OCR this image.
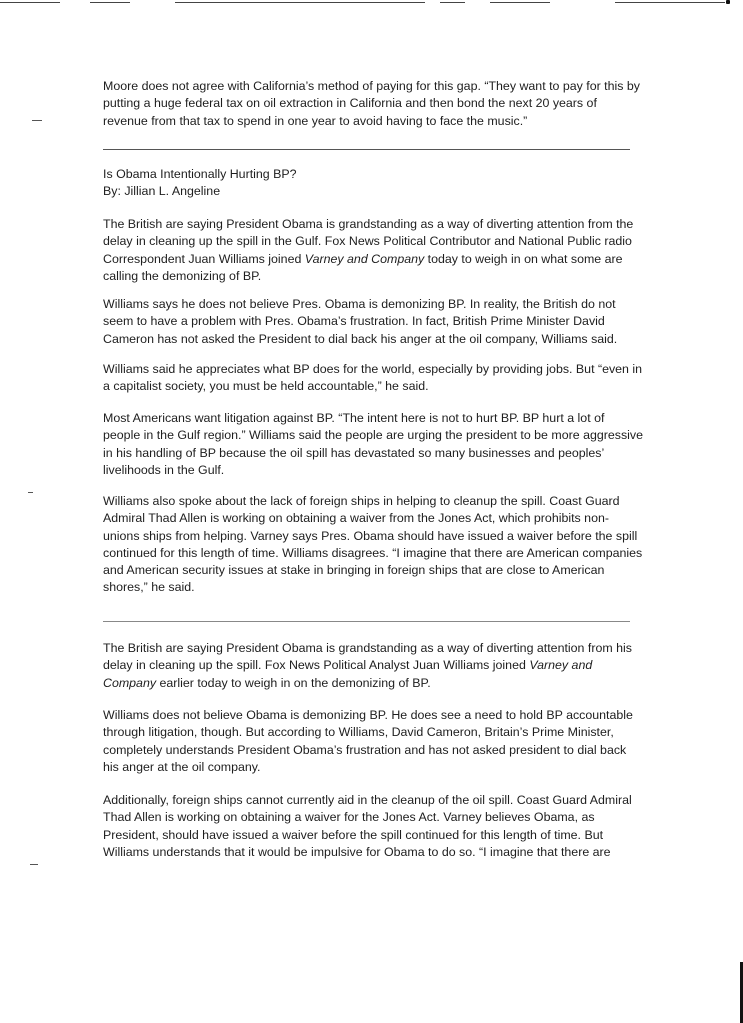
Moore does not agree with California’s method of paying for this gap. “They want to pay for this by putting a huge federal tax on oil extraction in California and then bond the next 20 years of revenue from that tax to spend in one year to avoid having to face the music.”

Is Obama Intentionally Hurting BP?

By: Jillian L. Angeline

The British are saying President Obama is grandstanding as a way of diverting attention from the delay in cleaning up the spill in the Gulf. Fox News Political Contributor and National Public radio Correspondent Juan Williams joined Varney and Company today to weigh in on what some are calling the demonizing of BP.

Williams says he does not believe Pres. Obama is demonizing BP. In reality, the British do not seem to have a problem with Pres. Obama’s frustration. In fact, British Prime Minister David Cameron has not asked the President to dial back his anger at the oil company, Williams said.

Williams said he appreciates what BP does for the world, especially by providing jobs. But “even in a capitalist society, you must be held accountable,” he said.

Most Americans want litigation against BP. “The intent here is not to hurt BP. BP hurt a lot of people in the Gulf region.” Williams said the people are urging the president to be more aggressive in his handling of BP because the oil spill has devastated so many businesses and peoples’ livelihoods in the Gulf.

Williams also spoke about the lack of foreign ships in helping to cleanup the spill. Coast Guard Admiral Thad Allen is working on obtaining a waiver from the Jones Act, which prohibits non-unions ships from helping. Varney says Pres. Obama should have issued a waiver before the spill continued for this length of time. Williams disagrees. “I imagine that there are American companies and American security issues at stake in bringing in foreign ships that are close to American shores,” he said.

The British are saying President Obama is grandstanding as a way of diverting attention from his delay in cleaning up the spill. Fox News Political Analyst Juan Williams joined Varney and Company earlier today to weigh in on the demonizing of BP.

Williams does not believe Obama is demonizing BP. He does see a need to hold BP accountable through litigation, though. But according to Williams, David Cameron, Britain’s Prime Minister, completely understands President Obama’s frustration and has not asked president to dial back his anger at the oil company.

Additionally, foreign ships cannot currently aid in the cleanup of the oil spill. Coast Guard Admiral Thad Allen is working on obtaining a waiver for the Jones Act. Varney believes Obama, as President, should have issued a waiver before the spill continued for this length of time. But Williams understands that it would be impulsive for Obama to do so. “I imagine that there are
